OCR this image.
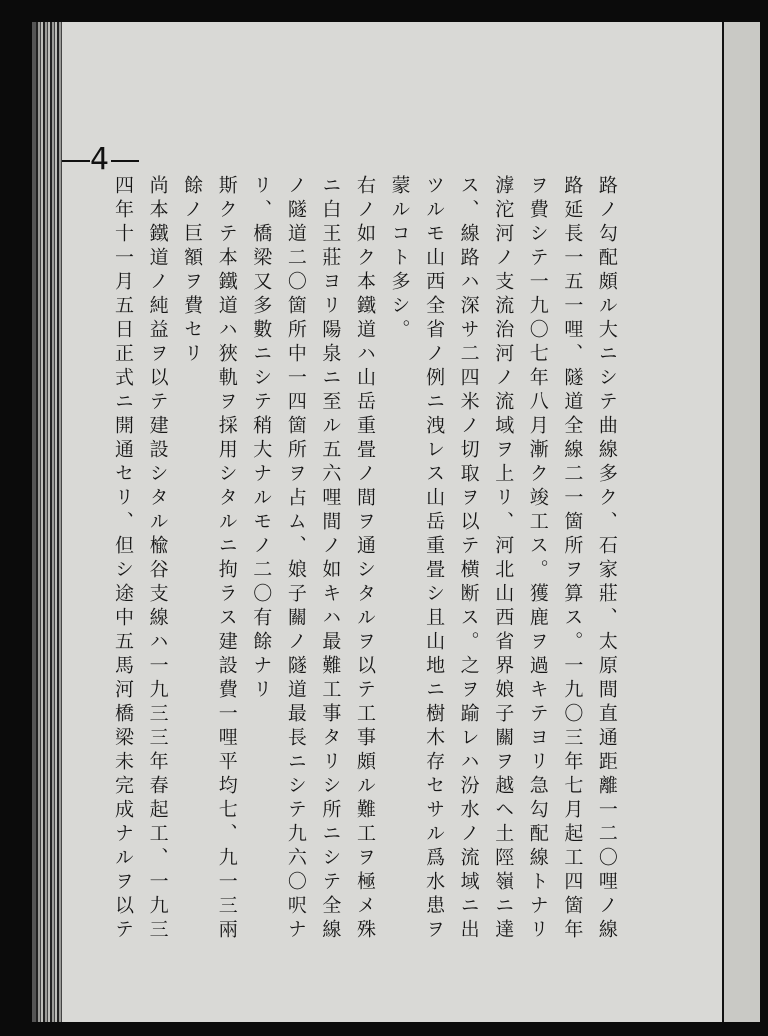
4
路ノ勾配頗ル大ニシテ曲線多ク、石家莊、太原間直通距離一二〇哩ノ線
路延長一五一哩、隧道全線二一箇所ヲ算ス。一九〇三年七月起工四箇年
ヲ費シテ一九〇七年八月漸ク竣工ス。獲鹿ヲ過キテヨリ急勾配線トナリ
滹沱河ノ支流治河ノ流域ヲ上リ、河北山西省界娘子關ヲ越ヘ土陘嶺ニ達
ス、線路ハ深サ二四米ノ切取ヲ以テ横断ス。之ヲ踰レハ汾水ノ流域ニ出
ツルモ山西全省ノ例ニ洩レス山岳重畳シ且山地ニ樹木存セサル爲水患ヲ
蒙ルコト多シ。
右ノ如ク本鐵道ハ山岳重畳ノ間ヲ通シタルヲ以テ工事頗ル難工ヲ極メ殊
ニ白王莊ヨリ陽泉ニ至ル五六哩間ノ如キハ最難工事タリシ所ニシテ全線
ノ隧道二〇箇所中一四箇所ヲ占ム、娘子關ノ隧道最長ニシテ九六〇呎ナ
リ、橋梁又多數ニシテ稍大ナルモノ二〇有餘ナリ
斯クテ本鐵道ハ狹軌ヲ採用シタルニ拘ラス建設費一哩平均七、九一三兩
餘ノ巨額ヲ費セリ
尚本鐵道ノ純益ヲ以テ建設シタル楡谷支線ハ一九三三年春起工、一九三
四年十一月五日正式ニ開通セリ、但シ途中五馬河橋梁未完成ナルヲ以テ
